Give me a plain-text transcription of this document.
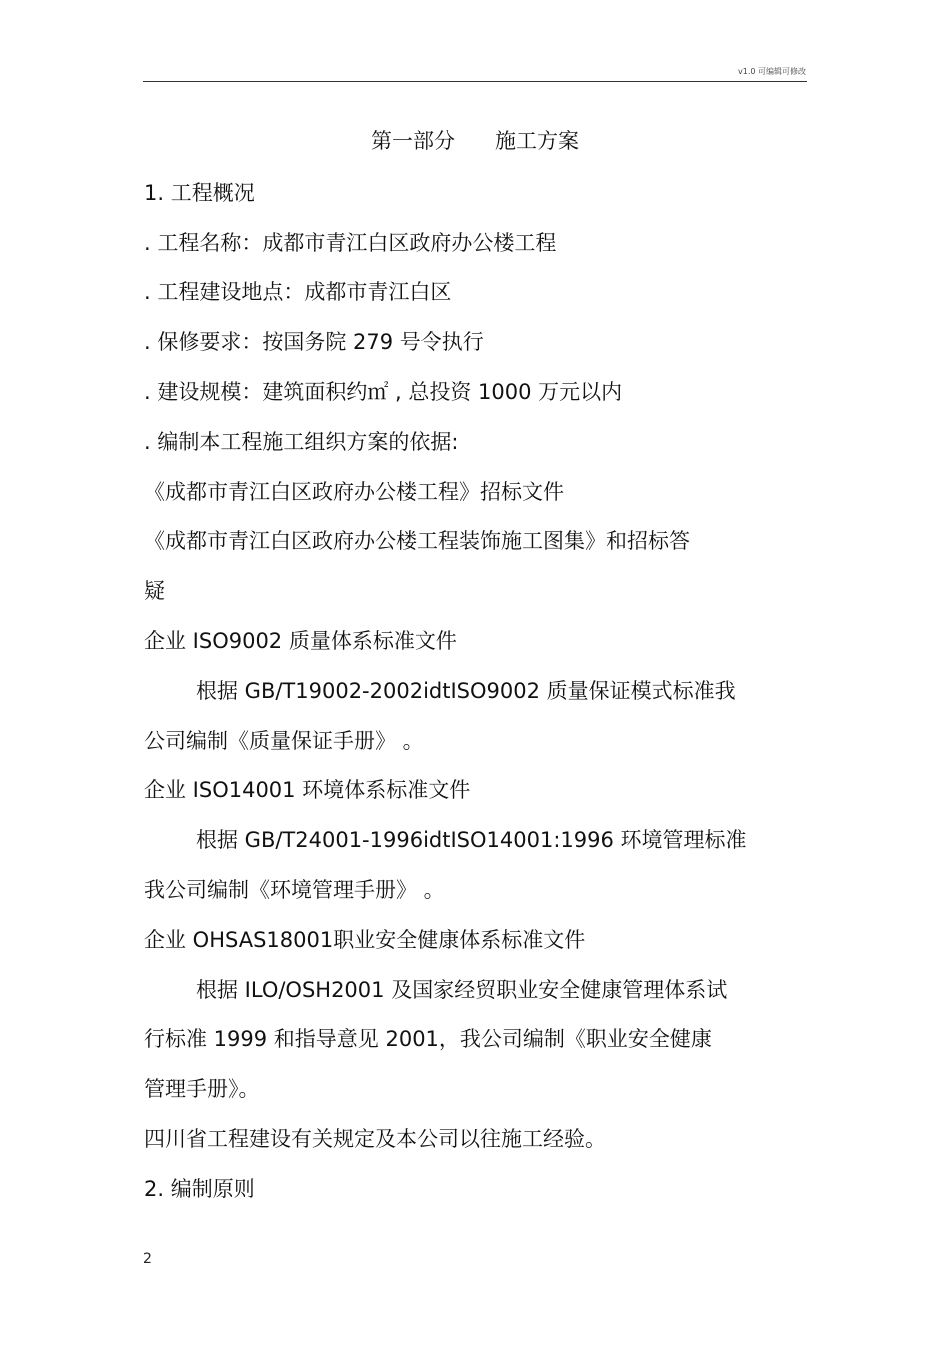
v1.0 可编辑可修改
第一部分      施工方案
1. 工程概况
. 工程名称：成都市青江白区政府办公楼工程
. 工程建设地点：成都市青江白区
. 保修要求：按国务院 279 号令执行
. 建设规模：建筑面积约㎡ , 总投资 1000 万元以内
. 编制本工程施工组织方案的依据:
《成都市青江白区政府办公楼工程》招标文件
《成都市青江白区政府办公楼工程装饰施工图集》和招标答
疑
企业 ISO9002 质量体系标准文件
根据 GB/T19002-2002idtISO9002 质量保证模式标准我
公司编制《质量保证手册》 。
企业 ISO14001 环境体系标准文件
根据 GB/T24001-1996idtISO14001:1996 环境管理标准
我公司编制《环境管理手册》 。
企业 OHSAS18001职业安全健康体系标准文件
根据 ILO/OSH2001 及国家经贸职业安全健康管理体系试
行标准 1999 和指导意见 2001，我公司编制《职业安全健康
管理手册》。
四川省工程建设有关规定及本公司以往施工经验。
2. 编制原则
2
